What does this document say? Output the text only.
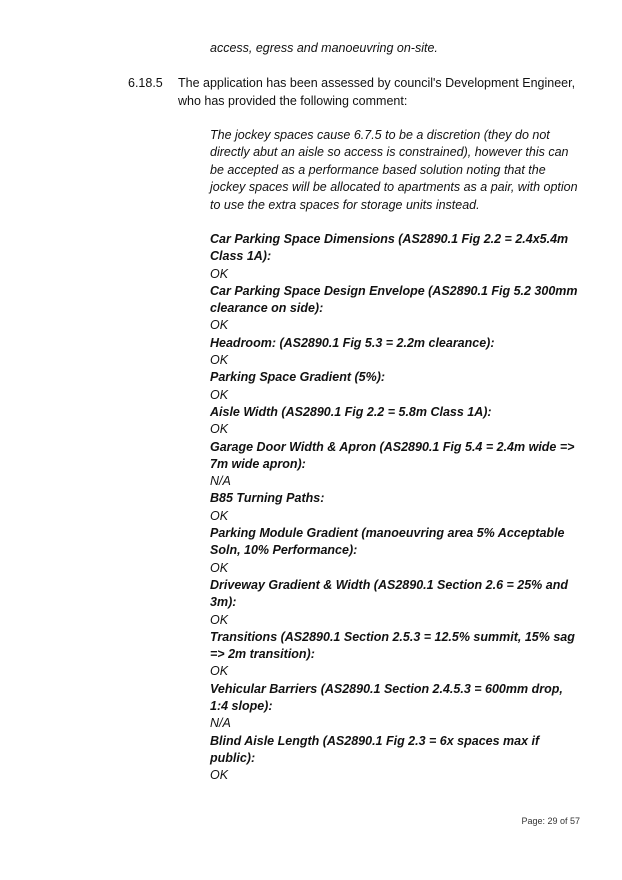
access, egress and manoeuvring on-site.
6.18.5 The application has been assessed by council's Development Engineer, who has provided the following comment:
The jockey spaces cause 6.7.5 to be a discretion (they do not directly abut an aisle so access is constrained), however this can be accepted as a performance based solution noting that the jockey spaces will be allocated to apartments as a pair, with option to use the extra spaces for storage units instead.
Car Parking Space Dimensions (AS2890.1 Fig 2.2 = 2.4x5.4m Class 1A):
OK
Car Parking Space Design Envelope (AS2890.1 Fig 5.2 300mm clearance on side):
OK
Headroom: (AS2890.1 Fig 5.3 = 2.2m clearance):
OK
Parking Space Gradient (5%):
OK
Aisle Width (AS2890.1 Fig 2.2 = 5.8m Class 1A):
OK
Garage Door Width & Apron (AS2890.1 Fig 5.4 = 2.4m wide => 7m wide apron):
N/A
B85 Turning Paths:
OK
Parking Module Gradient (manoeuvring area 5% Acceptable Soln, 10% Performance):
OK
Driveway Gradient & Width (AS2890.1 Section 2.6 = 25% and 3m):
OK
Transitions (AS2890.1 Section 2.5.3 = 12.5% summit, 15% sag => 2m transition):
OK
Vehicular Barriers (AS2890.1 Section 2.4.5.3 = 600mm drop, 1:4 slope):
N/A
Blind Aisle Length (AS2890.1 Fig 2.3 = 6x spaces max if public):
OK
Page: 29 of 57
